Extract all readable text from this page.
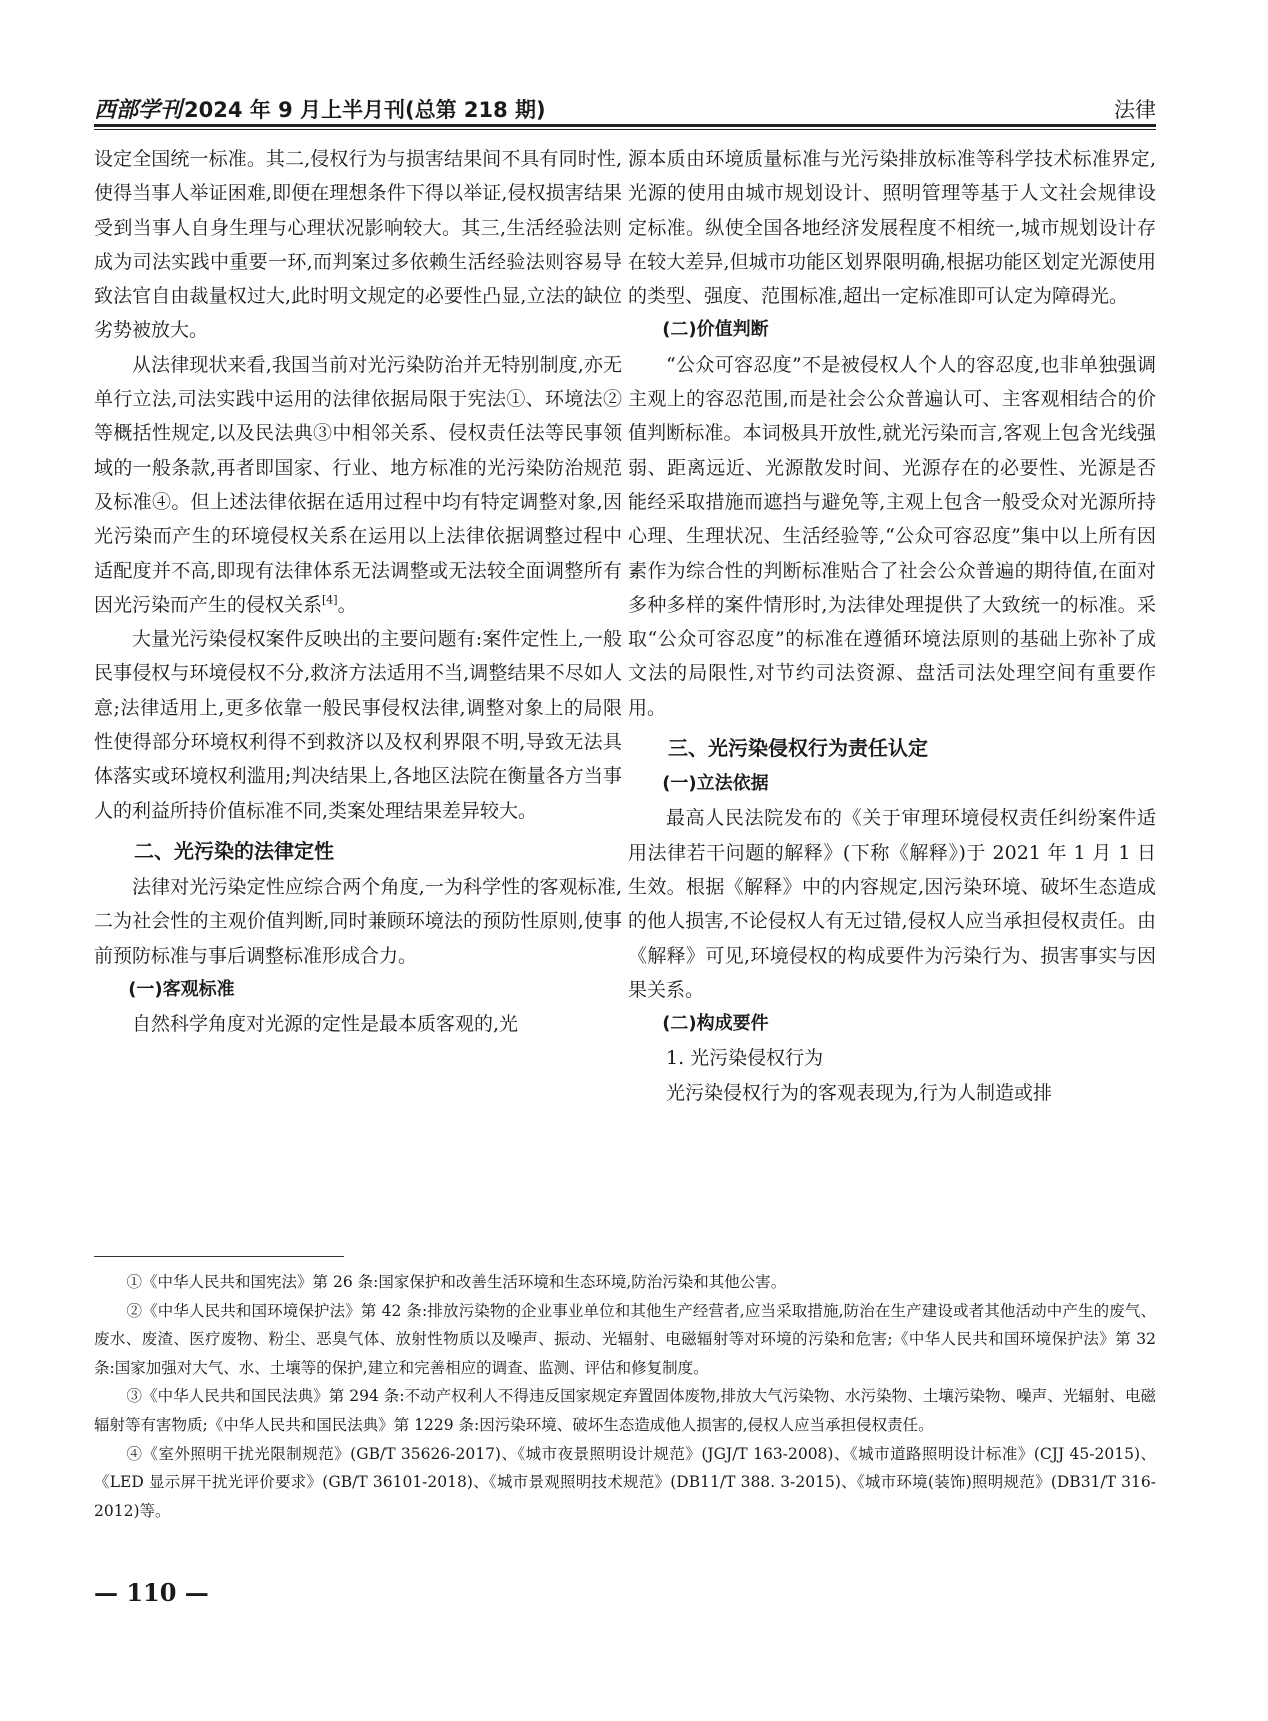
西部学刊 2024 年 9 月上半月刊(总第 218 期)	法律

设定全国统一标准。其二,侵权行为与损害结果间不具有同时性,使得当事人举证困难,即便在理想条件下得以举证,侵权损害结果受到当事人自身生理与心理状况影响较大。其三,生活经验法则成为司法实践中重要一环,而判案过多依赖生活经验法则容易导致法官自由裁量权过大,此时明文规定的必要性凸显,立法的缺位劣势被放大。

从法律现状来看,我国当前对光污染防治并无特别制度,亦无单行立法,司法实践中运用的法律依据局限于宪法①、环境法②等概括性规定,以及民法典③中相邻关系、侵权责任法等民事领域的一般条款,再者即国家、行业、地方标准的光污染防治规范及标准④。但上述法律依据在适用过程中均有特定调整对象,因光污染而产生的环境侵权关系在运用以上法律依据调整过程中适配度并不高,即现有法律体系无法调整或无法较全面调整所有因光污染而产生的侵权关系[4]。

大量光污染侵权案件反映出的主要问题有:案件定性上,一般民事侵权与环境侵权不分,救济方法适用不当,调整结果不尽如人意;法律适用上,更多依靠一般民事侵权法律,调整对象上的局限性使得部分环境权利得不到救济以及权利界限不明,导致无法具体落实或环境权利滥用;判决结果上,各地区法院在衡量各方当事人的利益所持价值标准不同,类案处理结果差异较大。

二、光污染的法律定性

法律对光污染定性应综合两个角度,一为科学性的客观标准,二为社会性的主观价值判断,同时兼顾环境法的预防性原则,使事前预防标准与事后调整标准形成合力。

(一)客观标准

自然科学角度对光源的定性是最本质客观的,光

源本质由环境质量标准与光污染排放标准等科学技术标准界定,光源的使用由城市规划设计、照明管理等基于人文社会规律设定标准。纵使全国各地经济发展程度不相统一,城市规划设计存在较大差异,但城市功能区划界限明确,根据功能区划定光源使用的类型、强度、范围标准,超出一定标准即可认定为障碍光。

(二)价值判断

“公众可容忍度”不是被侵权人个人的容忍度,也非单独强调主观上的容忍范围,而是社会公众普遍认可、主客观相结合的价值判断标准。本词极具开放性,就光污染而言,客观上包含光线强弱、距离远近、光源散发时间、光源存在的必要性、光源是否能经采取措施而遮挡与避免等,主观上包含一般受众对光源所持心理、生理状况、生活经验等,“公众可容忍度”集中以上所有因素作为综合性的判断标准贴合了社会公众普遍的期待值,在面对多种多样的案件情形时,为法律处理提供了大致统一的标准。采取“公众可容忍度”的标准在遵循环境法原则的基础上弥补了成文法的局限性,对节约司法资源、盘活司法处理空间有重要作用。

三、光污染侵权行为责任认定
(一)立法依据

最高人民法院发布的《关于审理环境侵权责任纠纷案件适用法律若干问题的解释》(下称《解释》)于 2021 年 1 月 1 日生效。根据《解释》中的内容规定,因污染环境、破坏生态造成的他人损害,不论侵权人有无过错,侵权人应当承担侵权责任。由《解释》可见,环境侵权的构成要件为污染行为、损害事实与因果关系。

(二)构成要件

1. 光污染侵权行为

光污染侵权行为的客观表现为,行为人制造或排

①《中华人民共和国宪法》第 26 条:国家保护和改善生活环境和生态环境,防治污染和其他公害。

②《中华人民共和国环境保护法》第 42 条:排放污染物的企业事业单位和其他生产经营者,应当采取措施,防治在生产建设或者其他活动中产生的废气、废水、废渣、医疗废物、粉尘、恶臭气体、放射性物质以及噪声、振动、光辐射、电磁辐射等对环境的污染和危害;《中华人民共和国环境保护法》第 32 条:国家加强对大气、水、土壤等的保护,建立和完善相应的调查、监测、评估和修复制度。

③《中华人民共和国民法典》第 294 条:不动产权利人不得违反国家规定弃置固体废物,排放大气污染物、水污染物、土壤污染物、噪声、光辐射、电磁辐射等有害物质;《中华人民共和国民法典》第 1229 条:因污染环境、破坏生态造成他人损害的,侵权人应当承担侵权责任。

④《室外照明干扰光限制规范》(GB/T 35626-2017)、《城市夜景照明设计规范》(JGJ/T 163-2008)、《城市道路照明设计标准》(CJJ 45-2015)、《LED 显示屏干扰光评价要求》(GB/T 36101-2018)、《城市景观照明技术规范》(DB11/T 388. 3-2015)、《城市环境(装饰)照明规范》(DB31/T 316-2012)等。

— 110 —
